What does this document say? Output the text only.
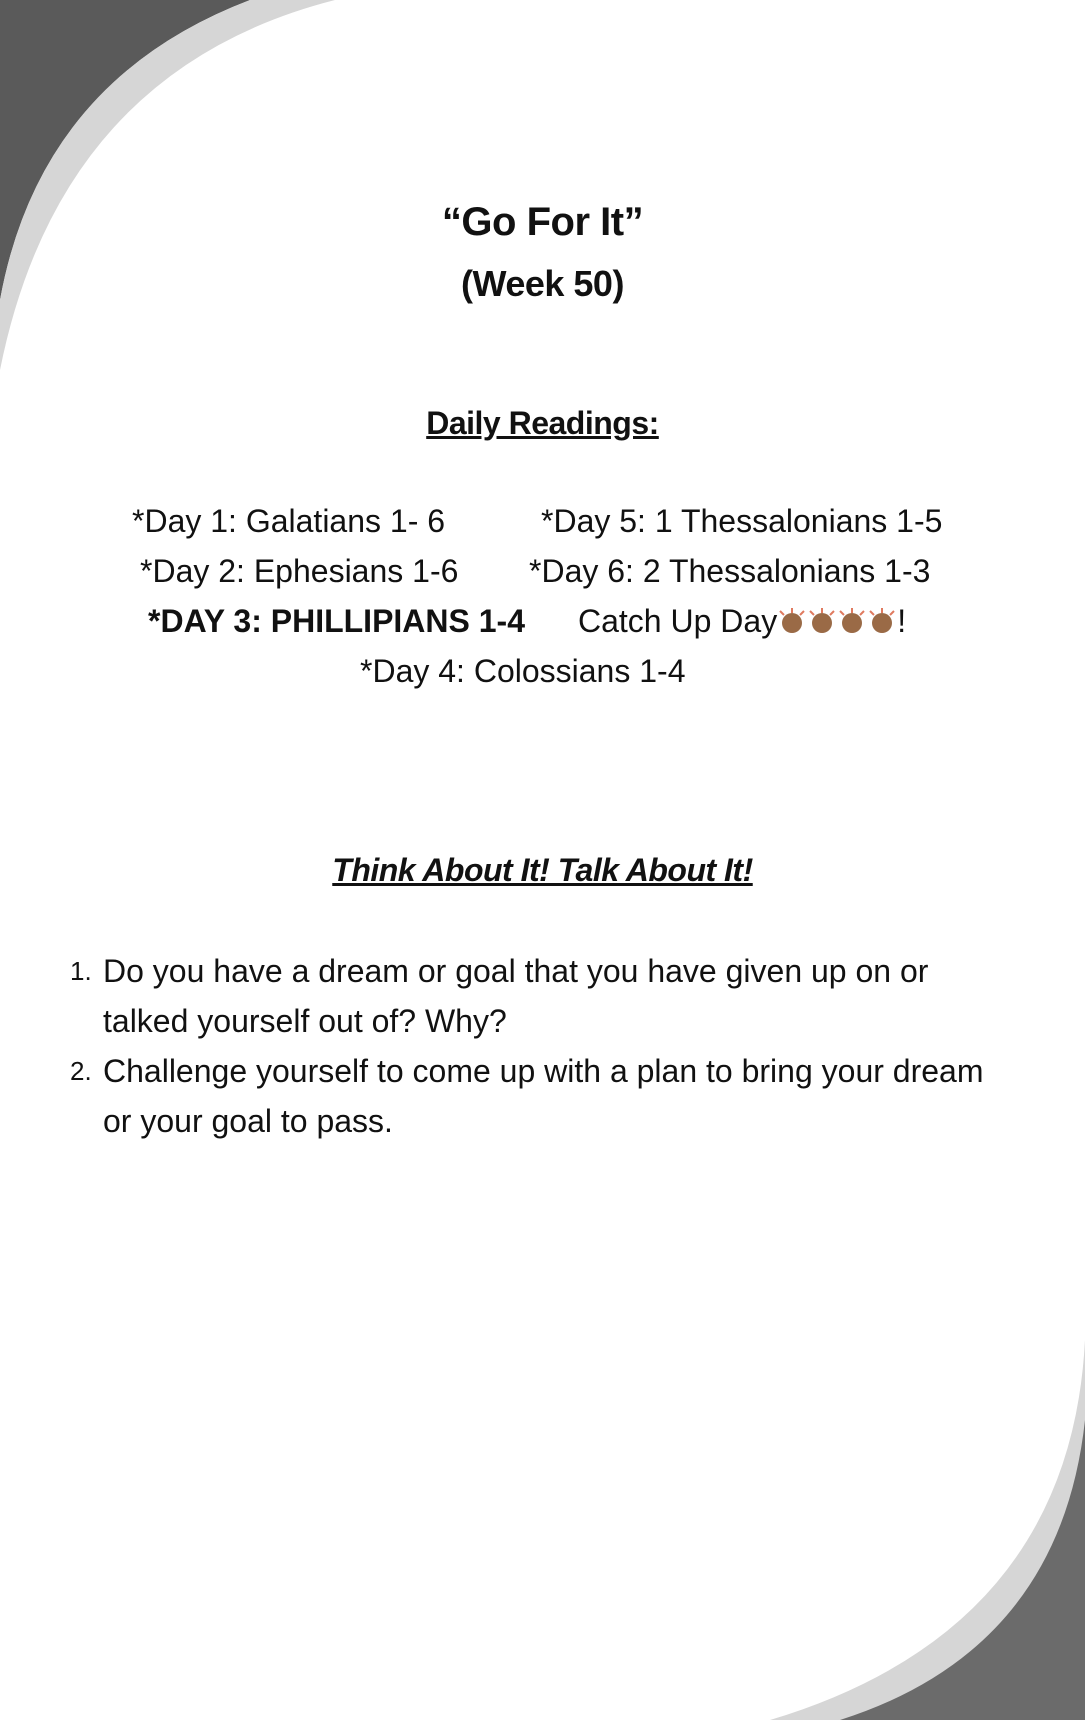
“Go For It”
(Week 50)
Daily Readings:

*Day 1: Galatians 1- 6	*Day 5: 1 Thessalonians 1-5

*Day 2: Ephesians 1-6 *Day 6: 2 Thessalonians 1-3

*DAY 3: PHILLIPIANS 1-4 Catch Up Day	!

*Day 4: Colossians 1-4

Think About It! Talk About It!
1. Do you have a dream or goal that you have given up on or
talked yourself out of? Why?
2. Challenge yourself to come up with a plan to bring your dream
or your goal to pass.
